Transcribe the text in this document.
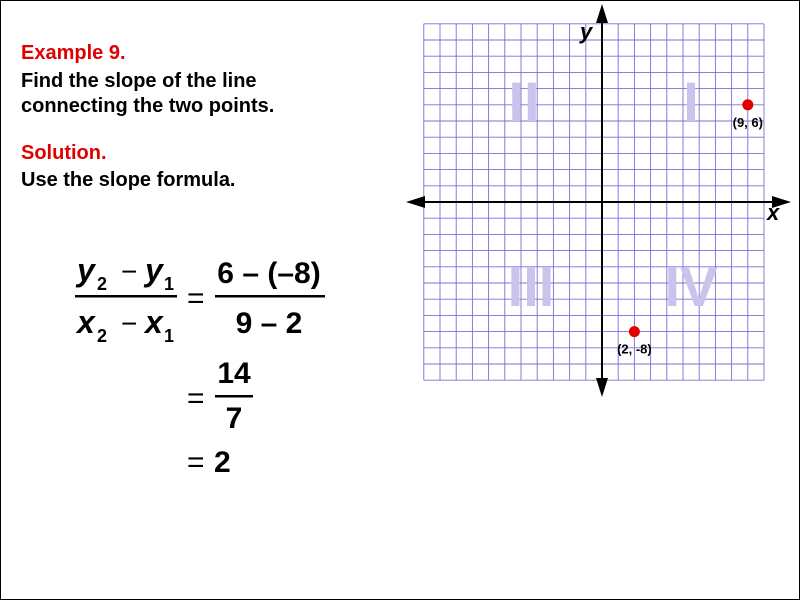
Example 9.

Find the slope of the line

connecting the two points.

Solution.

Use the slope formula.

y 2 − y 1
x 2 − x 1
=
6 – (–8)
9 – 2
=
14
7
= 2
II	I
III IV
x
y
(9, 6)
(2, -8)
